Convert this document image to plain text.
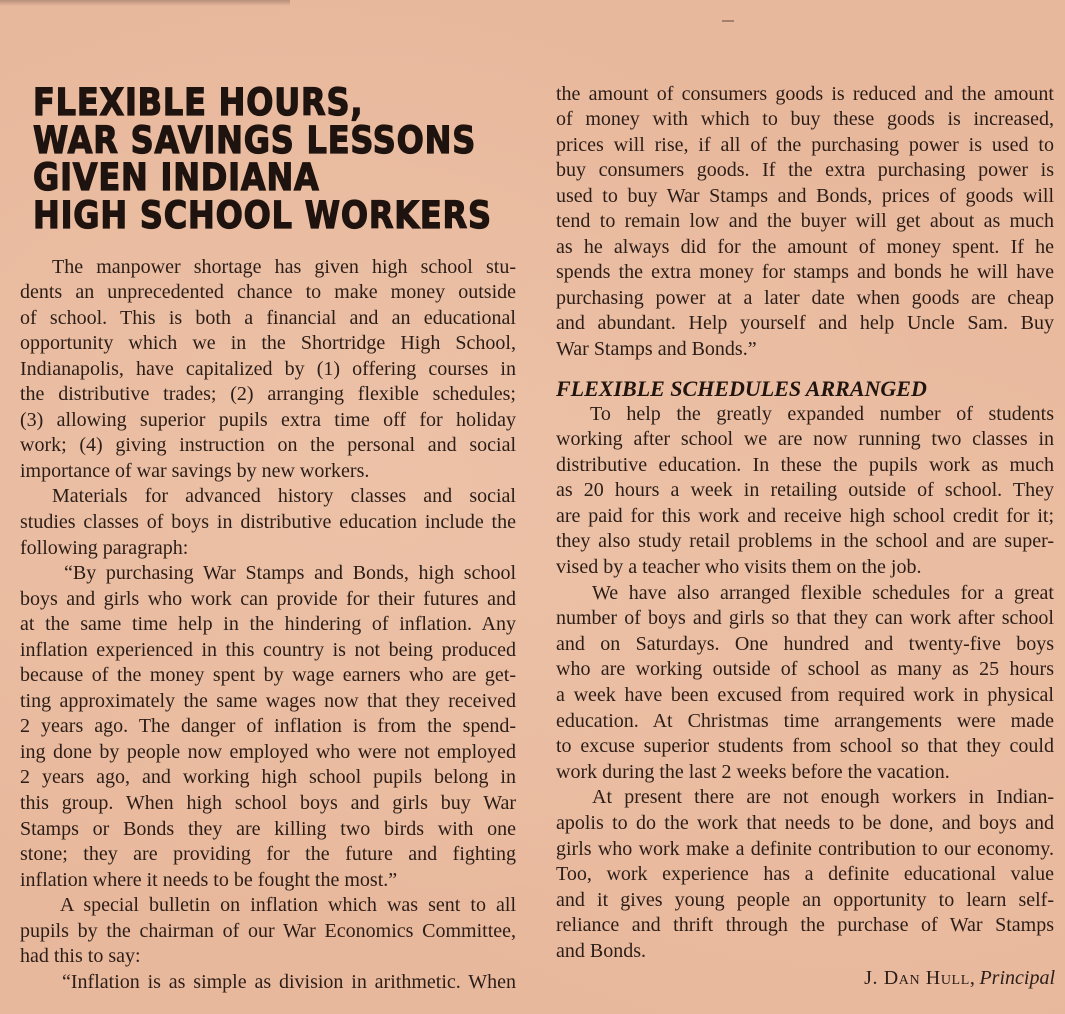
FLEXIBLE HOURS,
WAR SAVINGS LESSONS
GIVEN INDIANA
HIGH SCHOOL WORKERS
The manpower shortage has given high school stu-
dents an unprecedented chance to make money outside
of school. This is both a financial and an educational
opportunity which we in the Shortridge High School,
Indianapolis, have capitalized by (1) offering courses in
the distributive trades; (2) arranging flexible schedules;
(3) allowing superior pupils extra time off for holiday
work; (4) giving instruction on the personal and social
importance of war savings by new workers.
Materials for advanced history classes and social
studies classes of boys in distributive education include the
following paragraph:
“By purchasing War Stamps and Bonds, high school
boys and girls who work can provide for their futures and
at the same time help in the hindering of inflation. Any
inflation experienced in this country is not being produced
because of the money spent by wage earners who are get-
ting approximately the same wages now that they received
2 years ago. The danger of inflation is from the spend-
ing done by people now employed who were not employed
2 years ago, and working high school pupils belong in
this group. When high school boys and girls buy War
Stamps or Bonds they are killing two birds with one
stone; they are providing for the future and fighting
inflation where it needs to be fought the most.”
A special bulletin on inflation which was sent to all
pupils by the chairman of our War Economics Committee,
had this to say:
“Inflation is as simple as division in arithmetic. When
the amount of consumers goods is reduced and the amount
of money with which to buy these goods is increased,
prices will rise, if all of the purchasing power is used to
buy consumers goods. If the extra purchasing power is
used to buy War Stamps and Bonds, prices of goods will
tend to remain low and the buyer will get about as much
as he always did for the amount of money spent. If he
spends the extra money for stamps and bonds he will have
purchasing power at a later date when goods are cheap
and abundant. Help yourself and help Uncle Sam. Buy
War Stamps and Bonds.”
FLEXIBLE SCHEDULES ARRANGED
To help the greatly expanded number of students
working after school we are now running two classes in
distributive education. In these the pupils work as much
as 20 hours a week in retailing outside of school. They
are paid for this work and receive high school credit for it;
they also study retail problems in the school and are super-
vised by a teacher who visits them on the job.
We have also arranged flexible schedules for a great
number of boys and girls so that they can work after school
and on Saturdays. One hundred and twenty-five boys
who are working outside of school as many as 25 hours
a week have been excused from required work in physical
education. At Christmas time arrangements were made
to excuse superior students from school so that they could
work during the last 2 weeks before the vacation.
At present there are not enough workers in Indian-
apolis to do the work that needs to be done, and boys and
girls who work make a definite contribution to our economy.
Too, work experience has a definite educational value
and it gives young people an opportunity to learn self-
reliance and thrift through the purchase of War Stamps
and Bonds.
J. Dan Hull, Principal
